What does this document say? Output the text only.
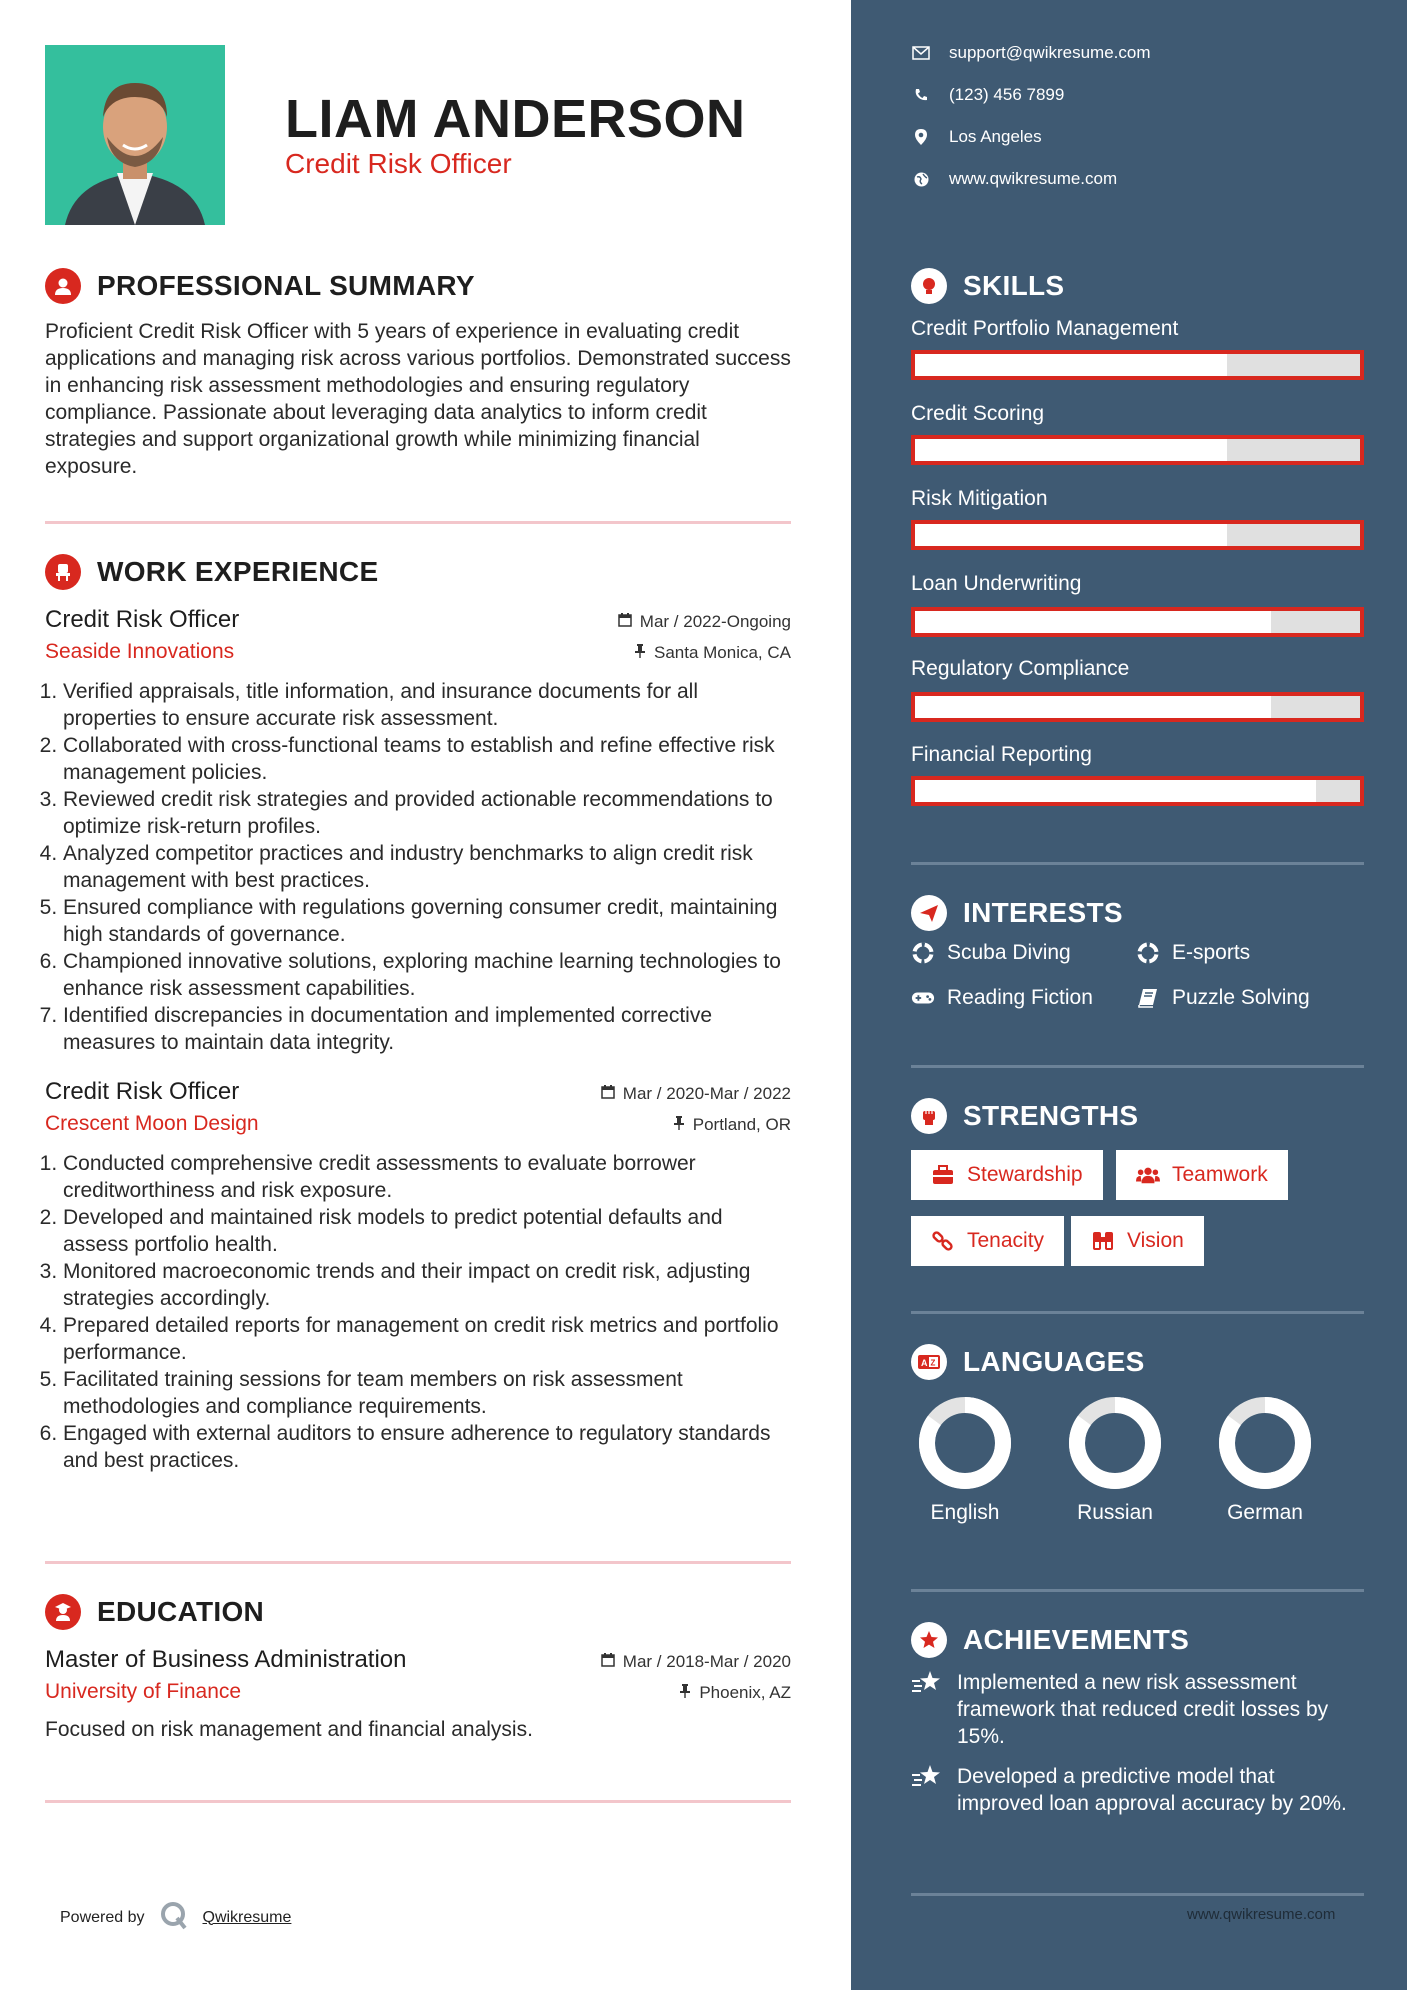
LIAM ANDERSON
Credit Risk Officer
PROFESSIONAL SUMMARY
Proficient Credit Risk Officer with 5 years of experience in evaluating credit applications and managing risk across various portfolios. Demonstrated success in enhancing risk assessment methodologies and ensuring regulatory compliance. Passionate about leveraging data analytics to inform credit strategies and support organizational growth while minimizing financial exposure.
WORK EXPERIENCE
Credit Risk Officer	Mar / 2022-Ongoing
Seaside Innovations	Santa Monica, CA
1. Verified appraisals, title information, and insurance documents for all properties to ensure accurate risk assessment.
2. Collaborated with cross-functional teams to establish and refine effective risk management policies.
3. Reviewed credit risk strategies and provided actionable recommendations to optimize risk-return profiles.
4. Analyzed competitor practices and industry benchmarks to align credit risk management with best practices.
5. Ensured compliance with regulations governing consumer credit, maintaining high standards of governance.
6. Championed innovative solutions, exploring machine learning technologies to enhance risk assessment capabilities.
7. Identified discrepancies in documentation and implemented corrective measures to maintain data integrity.
Credit Risk Officer	Mar / 2020-Mar / 2022
Crescent Moon Design	Portland, OR
1. Conducted comprehensive credit assessments to evaluate borrower creditworthiness and risk exposure.
2. Developed and maintained risk models to predict potential defaults and assess portfolio health.
3. Monitored macroeconomic trends and their impact on credit risk, adjusting strategies accordingly.
4. Prepared detailed reports for management on credit risk metrics and portfolio performance.
5. Facilitated training sessions for team members on risk assessment methodologies and compliance requirements.
6. Engaged with external auditors to ensure adherence to regulatory standards and best practices.
EDUCATION
Master of Business Administration	Mar / 2018-Mar / 2020
University of Finance	Phoenix, AZ
Focused on risk management and financial analysis.
Powered by	Qwikresume
support@qwikresume.com
(123) 456 7899
Los Angeles
www.qwikresume.com
SKILLS
Credit Portfolio Management
Credit Scoring
Risk Mitigation
Loan Underwriting
Regulatory Compliance
Financial Reporting
INTERESTS
Scuba Diving	E-sports
Reading Fiction	Puzzle Solving
STRENGTHS
Stewardship	Teamwork
Tenacity	Vision
A Z LANGUAGES
English	Russian	German
ACHIEVEMENTS
Implemented a new risk assessment framework that reduced credit losses by 15%.
Developed a predictive model that improved loan approval accuracy by 20%.
www.qwikresume.com
